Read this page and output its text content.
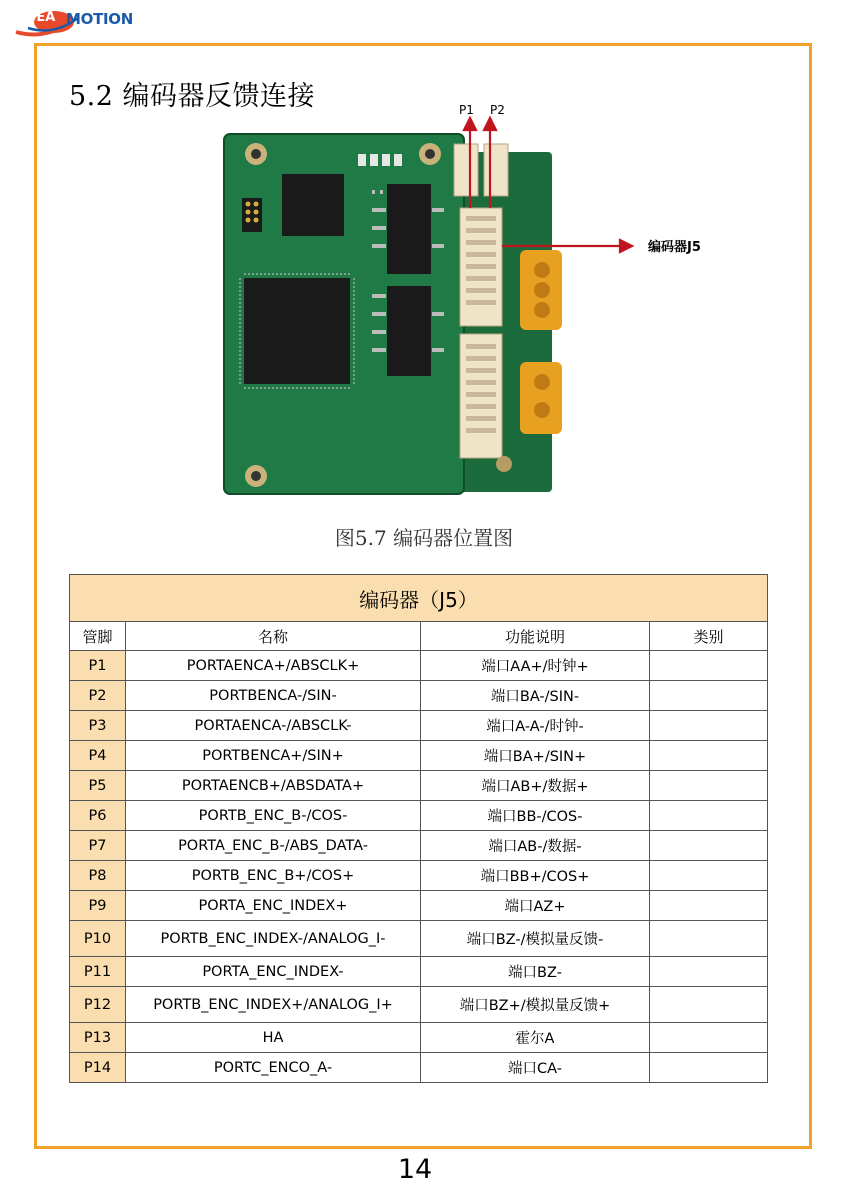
SEA MOTION
5.2 编码器反馈连接	P1 P2
编码器J5
图5.7 编码器位置图
编码器（J5）			
管脚	名称	功能说明	类别
P1	PORTAENCA+/ABSCLK+	端口AA+/时钟+	
P2	PORTBENCA-/SIN-	端口BA-/SIN-	
P3	PORTAENCA-/ABSCLK-	端口A-A-/时钟-	
P4	PORTBENCA+/SIN+	端口BA+/SIN+	
P5	PORTAENCB+/ABSDATA+	端口AB+/数据+	
P6	PORTB_ENC_B-/COS-	端口BB-/COS-	
P7	PORTA_ENC_B-/ABS_DATA-	端口AB-/数据-	
P8	PORTB_ENC_B+/COS+	端口BB+/COS+	
P9	PORTA_ENC_INDEX+	端口AZ+	
P10	PORTB_ENC_INDEX-/ANALOG_I-	端口BZ-/模拟量反馈-	
P11	PORTA_ENC_INDEX-	端口BZ-	
P12	PORTB_ENC_INDEX+/ANALOG_I+	端口BZ+/模拟量反馈+	
P13	HA	霍尔A	
P14	PORTC_ENCO_A-	端口CA-	
14
